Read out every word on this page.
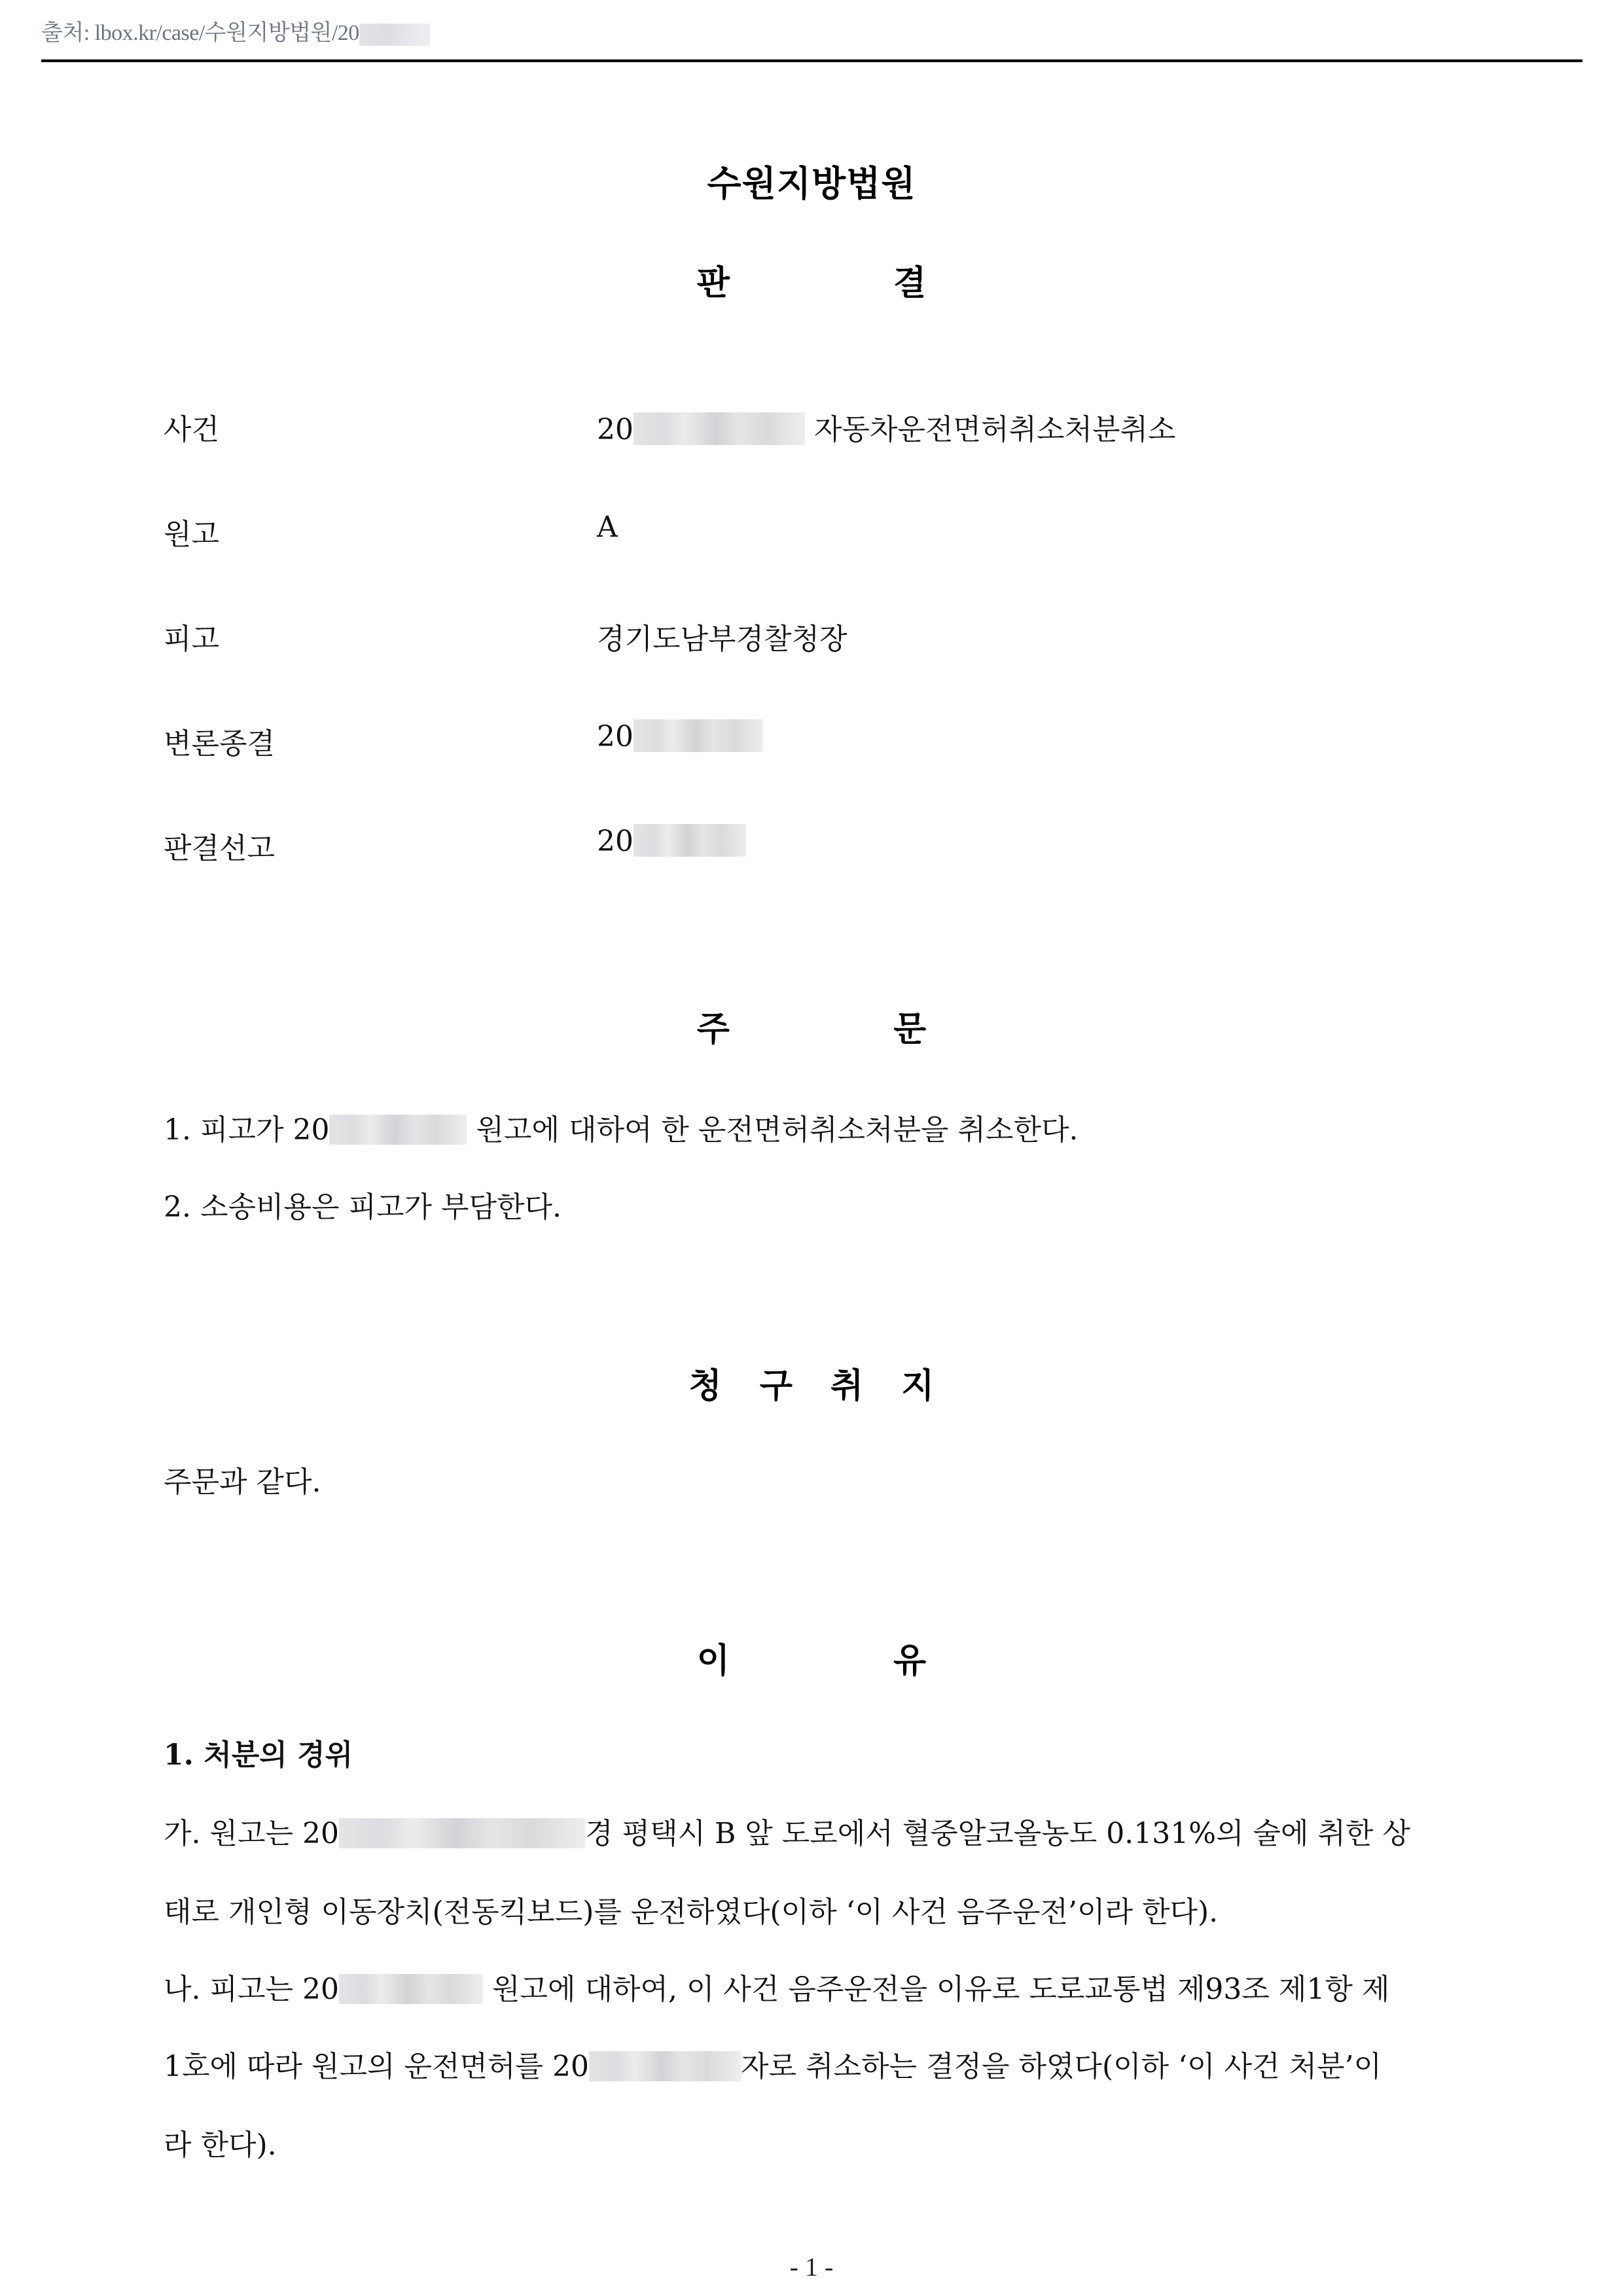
출처: lbox.kr/case/수원지방법원/20
수원지방법원
판	결
사건	20	자동차운전면허취소처분취소
원고	A
피고	경기도남부경찰청장
변론종결	20
판결선고	20
주	문
1. 피고가 20	원고에 대하여 한 운전면허취소처분을 취소한다.
2. 소송비용은 피고가 부담한다.
청 구 취 지
주문과 같다.
이	유
1. 처분의 경위
가. 원고는 20	경 평택시 B 앞 도로에서 혈중알코올농도 0.131%의 술에 취한 상
태로 개인형 이동장치(전동킥보드)를 운전하였다(이하 ‘이 사건 음주운전’이라 한다).
나. 피고는 20	원고에 대하여, 이 사건 음주운전을 이유로 도로교통법 제93조 제1항 제
1호에 따라 원고의 운전면허를 20	자로 취소하는 결정을 하였다(이하 ‘이 사건 처분’이
라 한다).
- 1 -
